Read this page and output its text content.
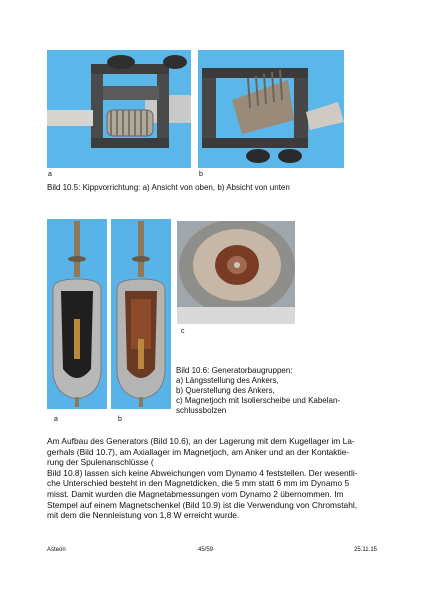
a	b
Bild 10.5: Kippvorrichtung: a) Ansicht von oben, b) Absicht von unten
c
Bild 10.6: Generatorbaugruppen:
a) Längsstellung des Ankers,
b) Querstellung des Ankers,
c) Magnetjoch mit Isolierscheibe und Kabelan-
schlussbolzen
a	b
Am Aufbau des Generators (Bild 10.6), an der Lagerung mit dem Kugellager im La-
gerhals (Bild 10.7), am Axiallager im Magnetjoch, am Anker und an der Kontaktie-
rung der Spulenanschlüsse (
Bild 10.8) lassen sich keine Abweichungen vom Dynamo 4 feststellen. Der wesentli-
che Unterschied besteht in den Magnetdicken, die 5 mm statt 6 mm im Dynamo 5
misst. Damit wurden die Magnetabmessungen vom Dynamo 2 übernommen. Im
Stempel auf einem Magnetschenkel (Bild 10.9) ist die Verwendung von Chromstahl,
mit dem die Nennleistung von 1,8 W erreicht wurde.
Asteon	45/59	25.11.15
